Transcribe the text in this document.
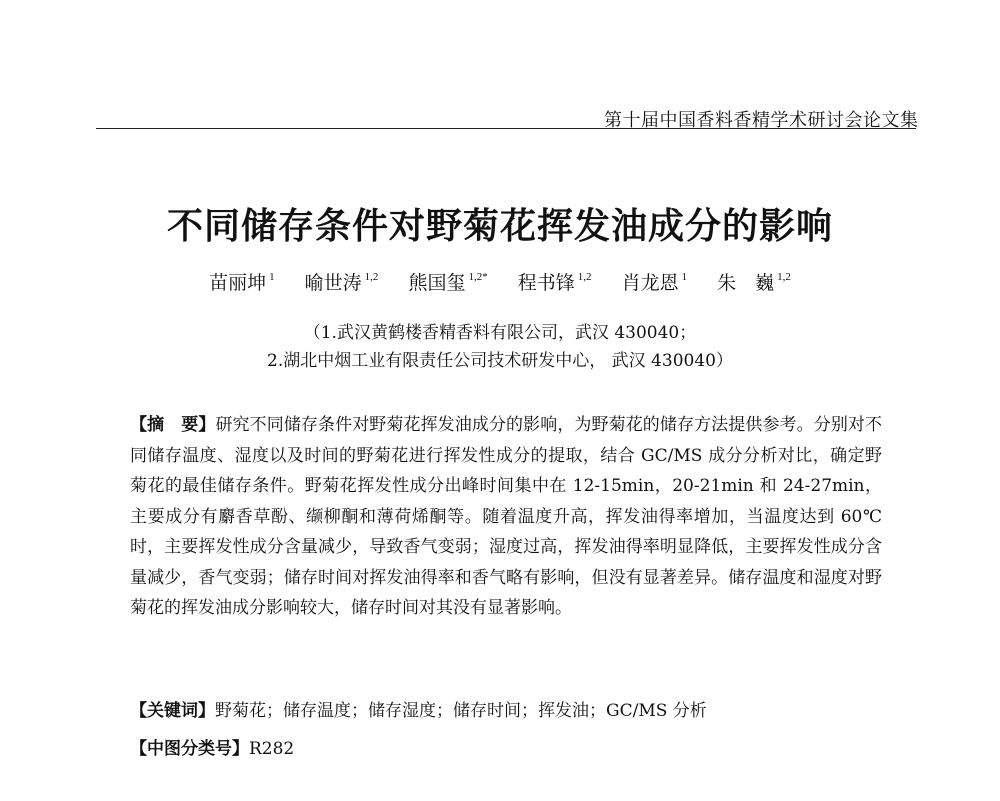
第十届中国香料香精学术研讨会论文集
不同储存条件对野菊花挥发油成分的影响
苗丽坤 $^1$ 喻世涛 $^{1,2}$ 熊国玺 $^{1,2*}$ 程书锋 $^{1,2}$ 肖龙恩 $^1$ 朱　巍 $^{1,2}$
（1.武汉黄鹤楼香精香料有限公司，武汉 430040；
2.湖北中烟工业有限责任公司技术研发中心， 武汉 430040）
【摘　要】研究不同储存条件对野菊花挥发油成分的影响，为野菊花的储存方法提供参考。分别对不同储存温度、湿度以及时间的野菊花进行挥发性成分的提取，结合 GC/MS 成分分析对比，确定野菊花的最佳储存条件。野菊花挥发性成分出峰时间集中在 12-15min，20-21min 和 24-27min，主要成分有麝香草酚、缬柳酮和薄荷烯酮等。随着温度升高，挥发油得率增加，当温度达到 60℃时，主要挥发性成分含量减少，导致香气变弱；湿度过高，挥发油得率明显降低，主要挥发性成分含量减少，香气变弱；储存时间对挥发油得率和香气略有影响，但没有显著差异。储存温度和湿度对野菊花的挥发油成分影响较大，储存时间对其没有显著影响。
【关键词】野菊花；储存温度；储存湿度；储存时间；挥发油；GC/MS 分析
【中图分类号】R282
